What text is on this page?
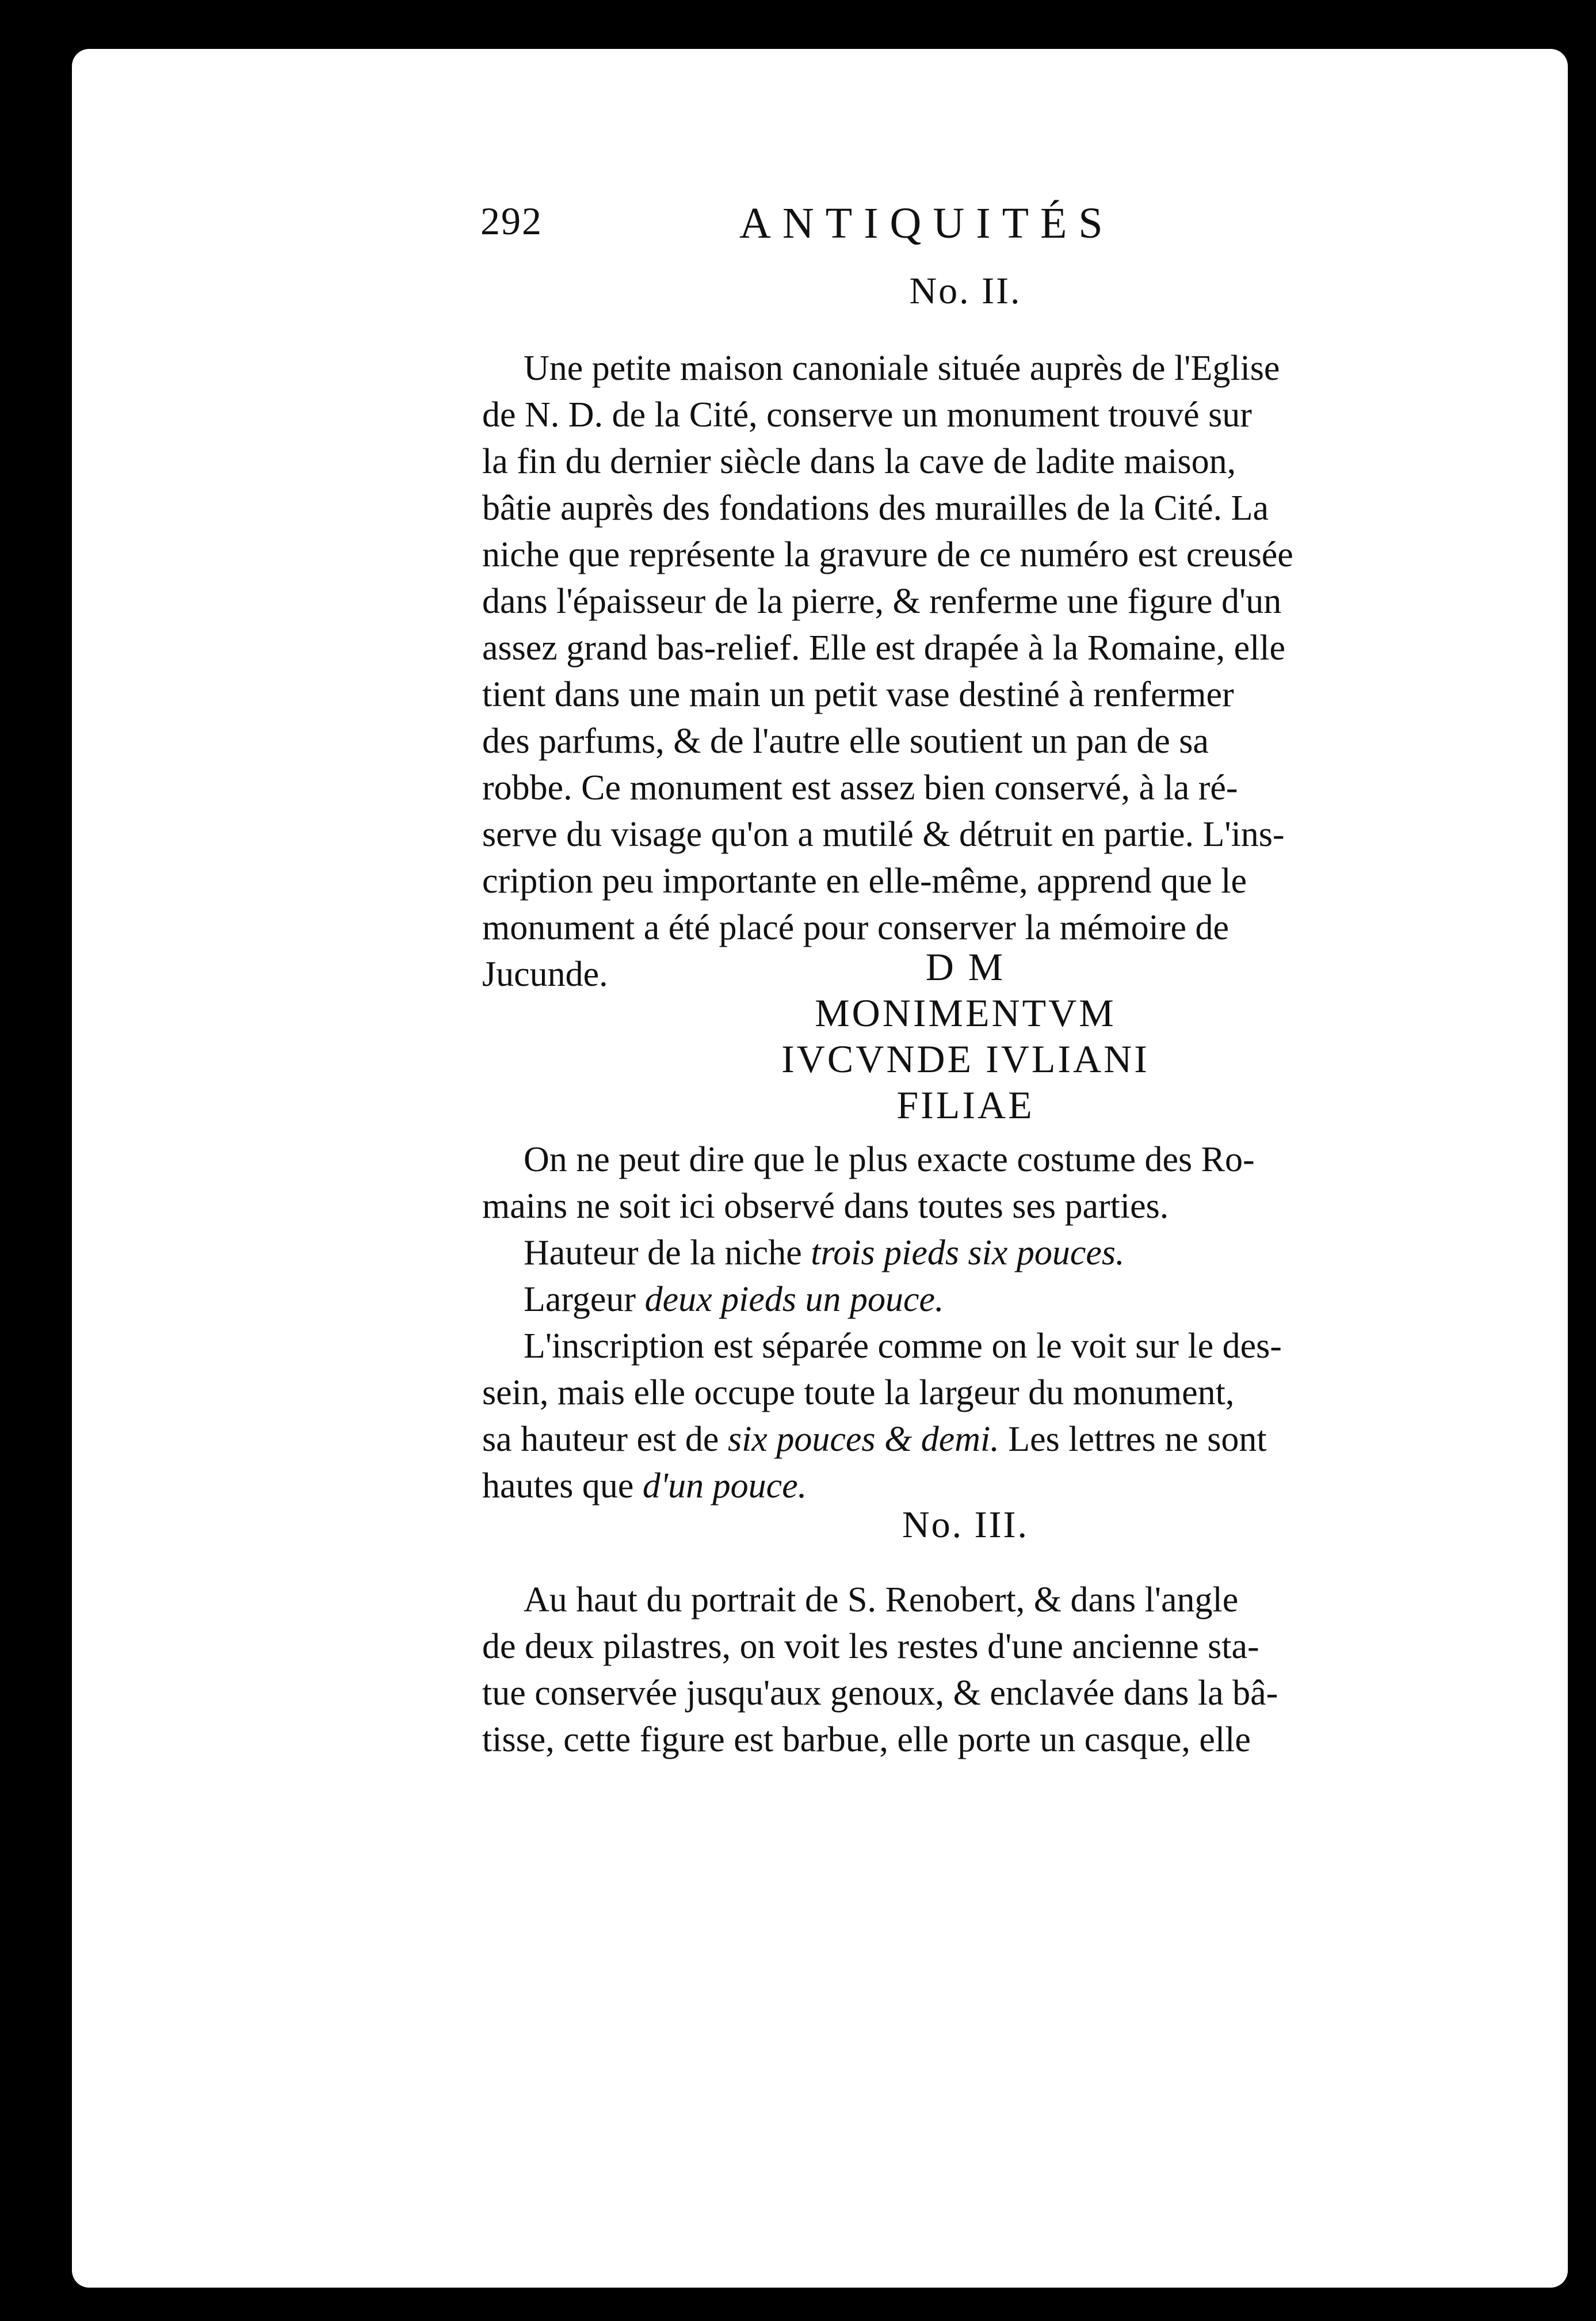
292	ANTIQUITÉS
No. II.
Une petite maison canoniale située auprès de l'Eglise
de N. D. de la Cité, conserve un monument trouvé sur
la fin du dernier siècle dans la cave de ladite maison,
bâtie auprès des fondations des murailles de la Cité. La
niche que représente la gravure de ce numéro est creusée
dans l'épaisseur de la pierre, & renferme une figure d'un
assez grand bas-relief. Elle est drapée à la Romaine, elle
tient dans une main un petit vase destiné à renfermer
des parfums, & de l'autre elle soutient un pan de sa
robbe. Ce monument est assez bien conservé, à la ré-
serve du visage qu'on a mutilé & détruit en partie. L'ins-
cription peu importante en elle-même, apprend que le
monument a été placé pour conserver la mémoire de
Jucunde.	D M
MONIMENTVM
IVCVNDE IVLIANI
FILIAE
On ne peut dire que le plus exacte costume des Ro-
mains ne soit ici observé dans toutes ses parties.
Hauteur de la niche trois pieds six pouces.
Largeur deux pieds un pouce.
L'inscription est séparée comme on le voit sur le des-
sein, mais elle occupe toute la largeur du monument,
sa hauteur est de six pouces & demi. Les lettres ne sont
hautes que d'un pouce.
No. III.
Au haut du portrait de S. Renobert, & dans l'angle
de deux pilastres, on voit les restes d'une ancienne sta-
tue conservée jusqu'aux genoux, & enclavée dans la bâ-
tisse, cette figure est barbue, elle porte un casque, elle
